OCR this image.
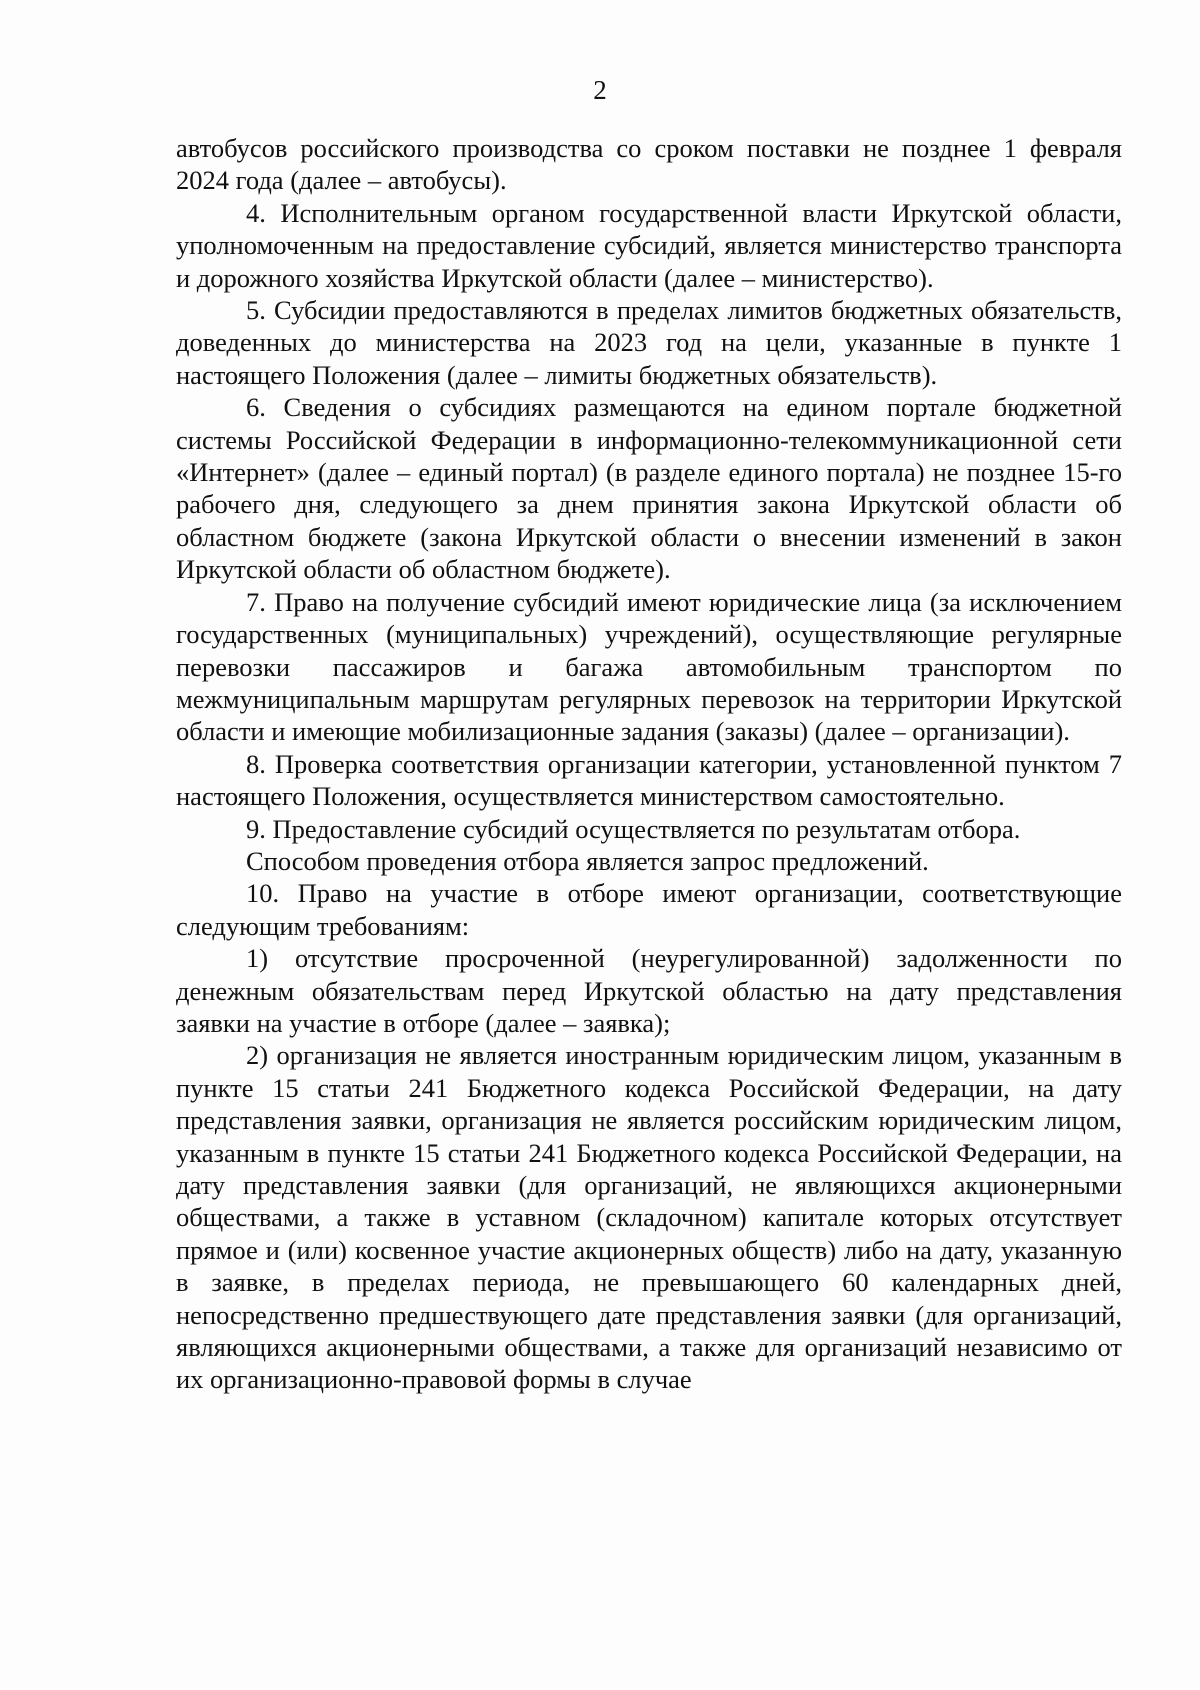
2

автобусов российского производства со сроком поставки не позднее 1 февраля 2024 года (далее – автобусы).

4. Исполнительным органом государственной власти Иркутской области, уполномоченным на предоставление субсидий, является министерство транспорта и дорожного хозяйства Иркутской области (далее – министерство).

5. Субсидии предоставляются в пределах лимитов бюджетных обязательств, доведенных до министерства на 2023 год на цели, указанные в пункте 1 настоящего Положения (далее – лимиты бюджетных обязательств).

6. Сведения о субсидиях размещаются на едином портале бюджетной системы Российской Федерации в информационно-телекоммуникационной сети «Интернет» (далее – единый портал) (в разделе единого портала) не позднее 15-го рабочего дня, следующего за днем принятия закона Иркутской области об областном бюджете (закона Иркутской области о внесении изменений в закон Иркутской области об областном бюджете).

7. Право на получение субсидий имеют юридические лица (за исключением государственных (муниципальных) учреждений), осуществляющие регулярные перевозки пассажиров и багажа автомобильным транспортом по межмуниципальным маршрутам регулярных перевозок на территории Иркутской области и имеющие мобилизационные задания (заказы) (далее – организации).

8. Проверка соответствия организации категории, установленной пунктом 7 настоящего Положения, осуществляется министерством самостоятельно.

9. Предоставление субсидий осуществляется по результатам отбора.

Способом проведения отбора является запрос предложений.

10. Право на участие в отборе имеют организации, соответствующие следующим требованиям:

1) отсутствие просроченной (неурегулированной) задолженности по денежным обязательствам перед Иркутской областью на дату представления заявки на участие в отборе (далее – заявка);

2) организация не является иностранным юридическим лицом, указанным в пункте 15 статьи 241 Бюджетного кодекса Российской Федерации, на дату представления заявки, организация не является российским юридическим лицом, указанным в пункте 15 статьи 241 Бюджетного кодекса Российской Федерации, на дату представления заявки (для организаций, не являющихся акционерными обществами, а также в уставном (складочном) капитале которых отсутствует прямое и (или) косвенное участие акционерных обществ) либо на дату, указанную в заявке, в пределах периода, не превышающего 60 календарных дней, непосредственно предшествующего дате представления заявки (для организаций, являющихся акционерными обществами, а также для организаций независимо от их организационно-правовой формы в случае
